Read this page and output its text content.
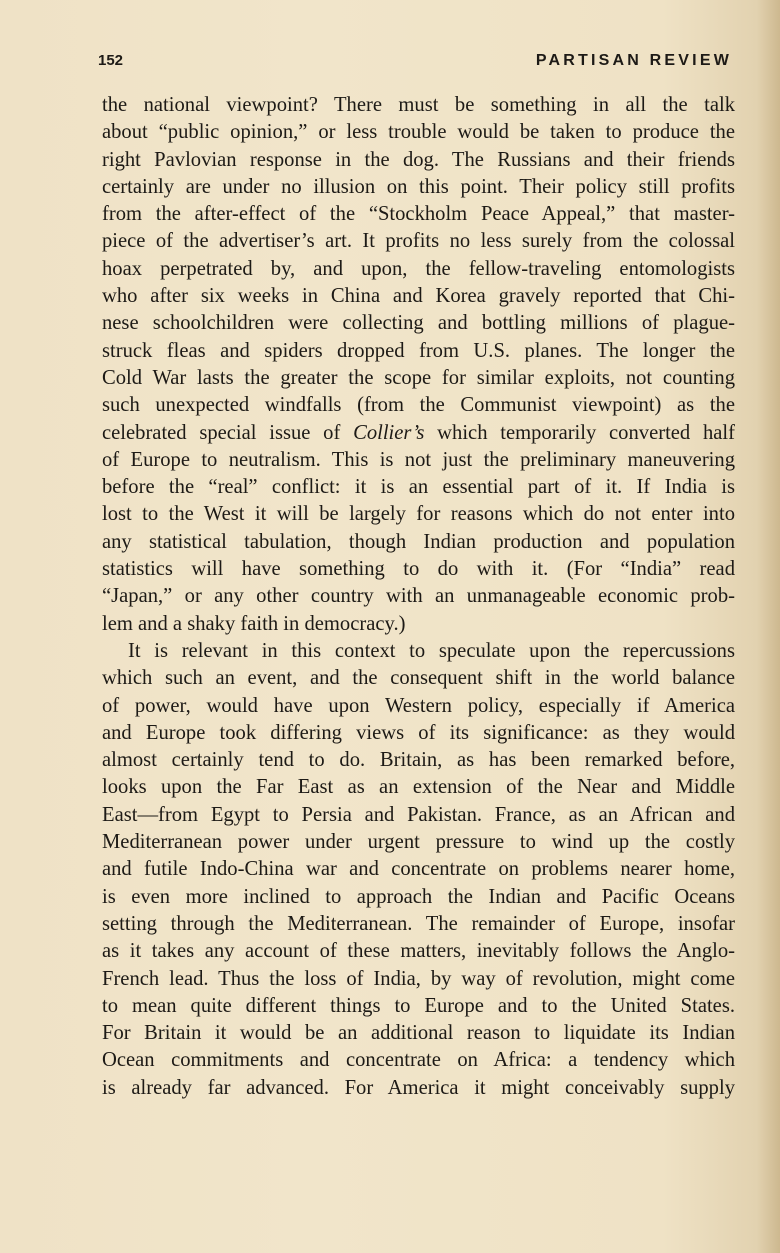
152	PARTISAN REVIEW
the national viewpoint? There must be something in all the talk
about “public opinion,” or less trouble would be taken to produce the
right Pavlovian response in the dog. The Russians and their friends
certainly are under no illusion on this point. Their policy still profits
from the after-effect of the “Stockholm Peace Appeal,” that master-
piece of the advertiser’s art. It profits no less surely from the colossal
hoax perpetrated by, and upon, the fellow-traveling entomologists
who after six weeks in China and Korea gravely reported that Chi-
nese schoolchildren were collecting and bottling millions of plague-
struck fleas and spiders dropped from U.S. planes. The longer the
Cold War lasts the greater the scope for similar exploits, not counting
such unexpected windfalls (from the Communist viewpoint) as the
celebrated special issue of Collier’s which temporarily converted half
of Europe to neutralism. This is not just the preliminary maneuvering
before the “real” conflict: it is an essential part of it. If India is
lost to the West it will be largely for reasons which do not enter into
any statistical tabulation, though Indian production and population
statistics will have something to do with it. (For “India” read
“Japan,” or any other country with an unmanageable economic prob-
lem and a shaky faith in democracy.)
It is relevant in this context to speculate upon the repercussions
which such an event, and the consequent shift in the world balance
of power, would have upon Western policy, especially if America
and Europe took differing views of its significance: as they would
almost certainly tend to do. Britain, as has been remarked before,
looks upon the Far East as an extension of the Near and Middle
East—from Egypt to Persia and Pakistan. France, as an African and
Mediterranean power under urgent pressure to wind up the costly
and futile Indo-China war and concentrate on problems nearer home,
is even more inclined to approach the Indian and Pacific Oceans
setting through the Mediterranean. The remainder of Europe, insofar
as it takes any account of these matters, inevitably follows the Anglo-
French lead. Thus the loss of India, by way of revolution, might come
to mean quite different things to Europe and to the United States.
For Britain it would be an additional reason to liquidate its Indian
Ocean commitments and concentrate on Africa: a tendency which
is already far advanced. For America it might conceivably supply
